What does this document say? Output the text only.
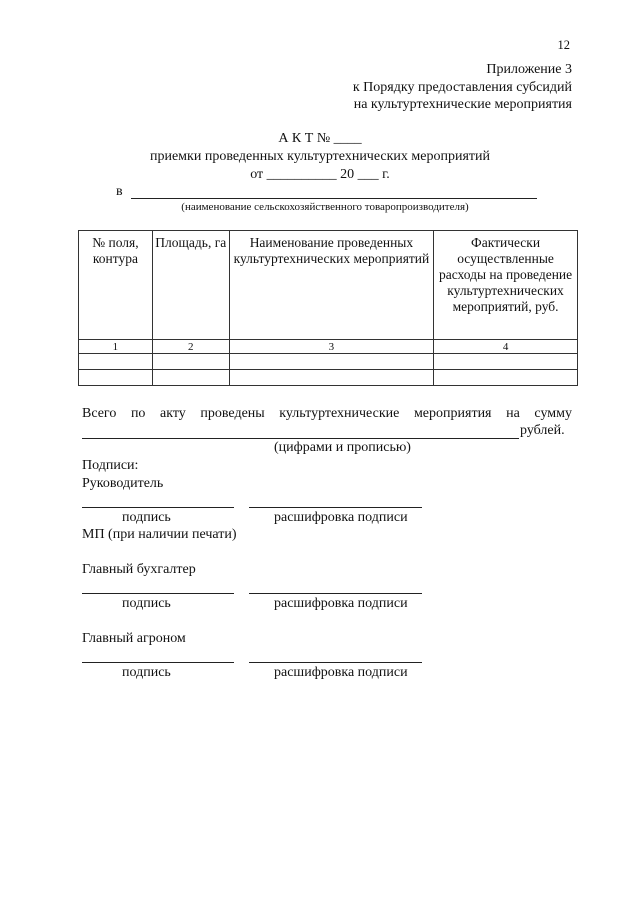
12
Приложение 3
к Порядку предоставления субсидий
на культуртехнические мероприятия
А К Т № ____
приемки проведенных культуртехнических мероприятий
от __________ 20 ___ г.
в
(наименование сельскохозяйственного товаропроизводителя)
№ поля, контура	Площадь, га	Наименование проведенных культуртехнических мероприятий	Фактически осуществленные расходы на проведение культуртехнических мероприятий, руб.
1	2	3	4

Всего по акту проведены культуртехнические мероприятия на сумму
рублей.
(цифрами и прописью)
Подписи:
Руководитель
подпись	расшифровка подписи
МП (при наличии печати)
Главный бухгалтер
подпись	расшифровка подписи
Главный агроном
подпись	расшифровка подписи
